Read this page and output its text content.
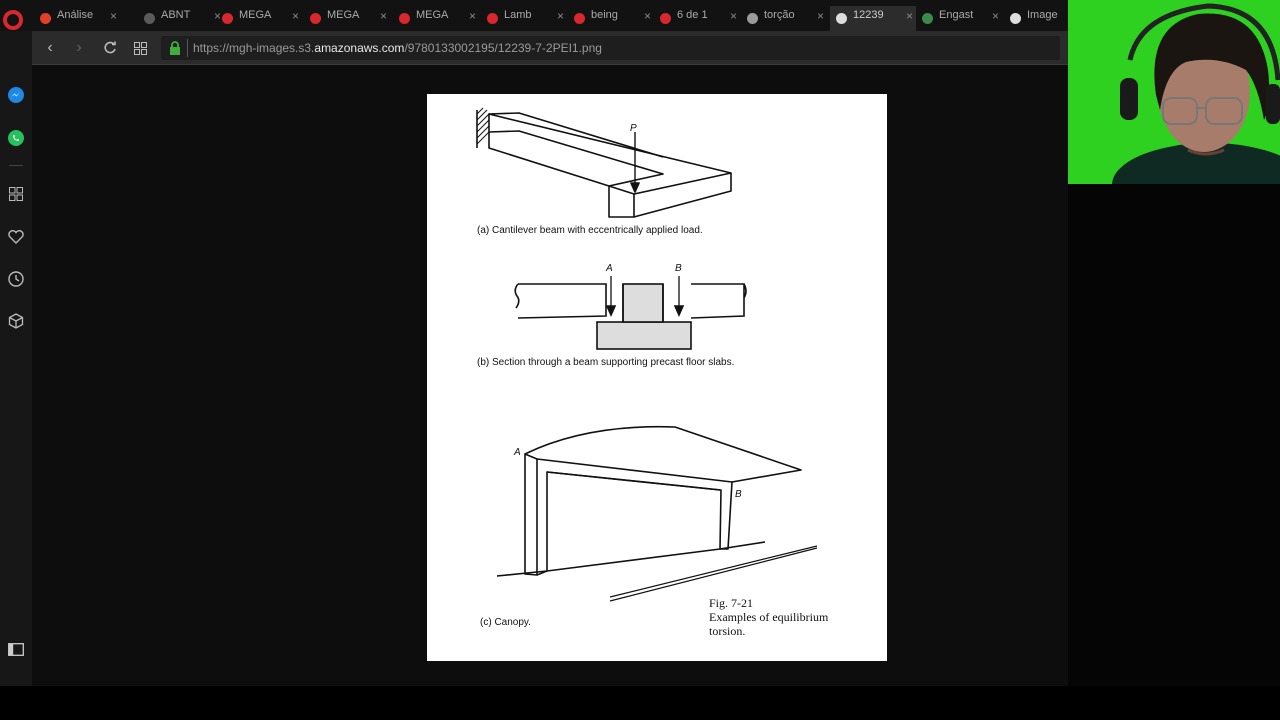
Análise	×	ABNT	× MEGA	×	MEGA	×	MEGA	×	Lamb	× being	× 6 de 1	× torção	×	12239	× Engast	×	Image
‹	›	https://mgh-images.s3.amazonaws.com/9780133002195/12239-7-2PEI1.png
P
A	B
A
B
(a) Cantilever beam with eccentrically applied load.
(b) Section through a beam supporting precast floor slabs.
(c) Canopy.
Fig. 7-21
Examples of equilibrium
torsion.
